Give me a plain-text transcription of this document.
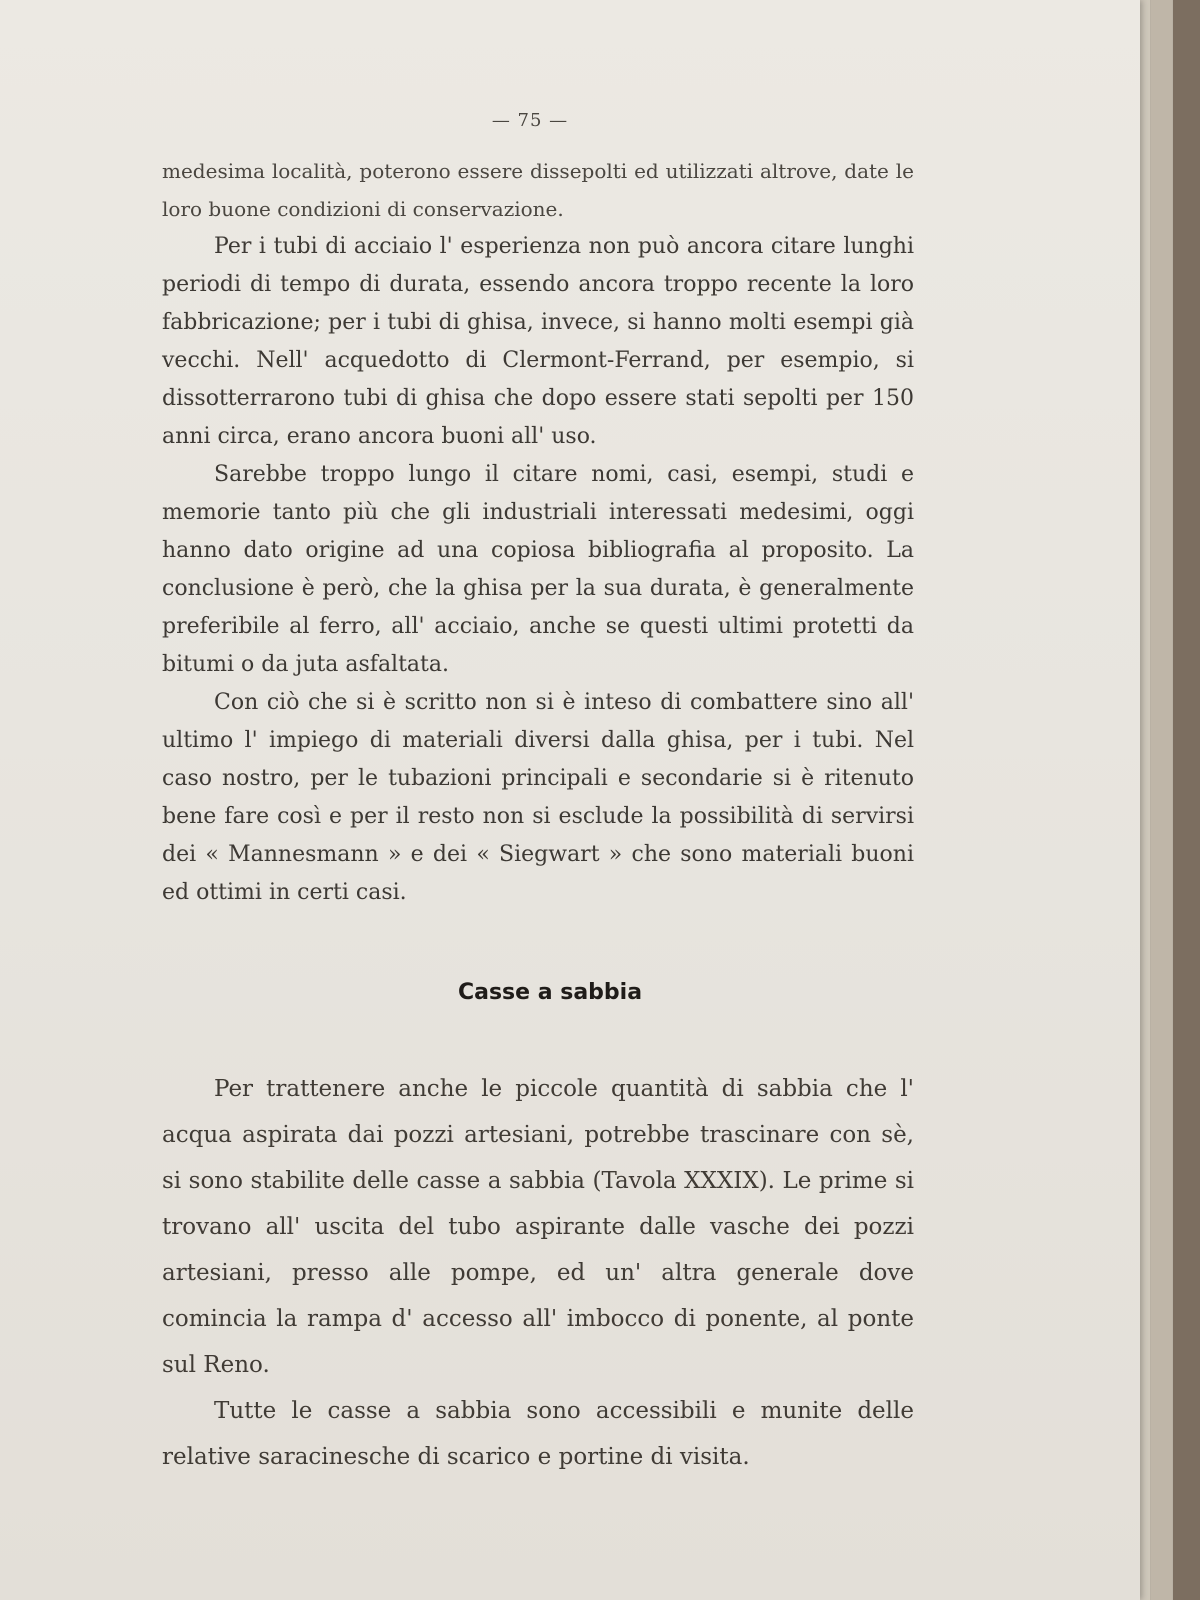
— 75 —

medesima località, poterono essere dissepolti ed utilizzati altrove, date le loro buone condizioni di conservazione.

Per i tubi di acciaio l' esperienza non può ancora citare lunghi periodi di tempo di durata, essendo ancora troppo recente la loro fabbricazione; per i tubi di ghisa, invece, si hanno molti esempi già vecchi. Nell' acquedotto di Clermont-Ferrand, per esempio, si dissotterrarono tubi di ghisa che dopo essere stati sepolti per 150 anni circa, erano ancora buoni all' uso.

Sarebbe troppo lungo il citare nomi, casi, esempi, studi e memorie tanto più che gli industriali interessati medesimi, oggi hanno dato origine ad una copiosa bibliografia al proposito. La conclusione è però, che la ghisa per la sua durata, è generalmente preferibile al ferro, all' acciaio, anche se questi ultimi protetti da bitumi o da juta asfaltata.

Con ciò che si è scritto non si è inteso di combattere sino all' ultimo l' impiego di materiali diversi dalla ghisa, per i tubi. Nel caso nostro, per le tubazioni principali e secondarie si è ritenuto bene fare così e per il resto non si esclude la possibilità di servirsi dei « Mannesmann » e dei « Siegwart » che sono materiali buoni ed ottimi in certi casi.

Casse a sabbia

Per trattenere anche le piccole quantità di sabbia che l' acqua aspirata dai pozzi artesiani, potrebbe trascinare con sè, si sono stabilite delle casse a sabbia (Tavola XXXIX). Le prime si trovano all' uscita del tubo aspirante dalle vasche dei pozzi artesiani, presso alle pompe, ed un' altra generale dove comincia la rampa d' accesso all' imbocco di ponente, al ponte sul Reno.

Tutte le casse a sabbia sono accessibili e munite delle relative saracinesche di scarico e portine di visita.
